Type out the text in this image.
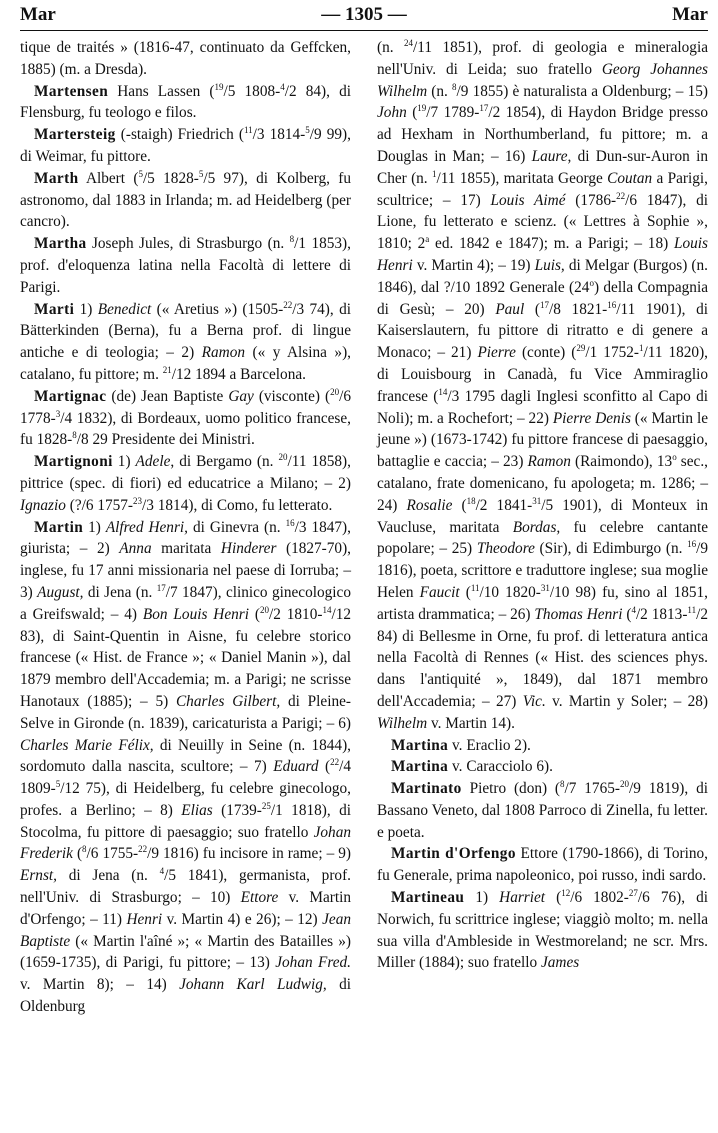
Mar	— 1305 —	Mar

tique de traités » (1816-47, continuato da Geffcken, 1885) (m. a Dresda).

Martensen Hans Lassen ($^{19}$/5 1808-$^4$/2 84), di Flensburg, fu teologo e filos.

Martersteig (-staigh) Friedrich ($^{11}$/3 1814-$^5$/9 99), di Weimar, fu pittore.

Marth Albert ($^5$/5 1828-$^5$/5 97), di Kolberg, fu astronomo, dal 1883 in Irlanda; m. ad Heidelberg (per cancro).

Martha Joseph Jules, di Strasburgo (n. $^8$/1 1853), prof. d'eloquenza latina nella Facoltà di lettere di Parigi.

Marti 1) Benedict (« Aretius ») (1505-$^{22}$/3 74), di Bätterkinden (Berna), fu a Berna prof. di lingue antiche e di teologia; – 2) Ramon (« y Alsina »), catalano, fu pittore; m. $^{21}$/12 1894 a Barcelona.

Martignac (de) Jean Baptiste Gay (visconte) ($^{20}$/6 1778-$^3$/4 1832), di Bordeaux, uomo politico francese, fu 1828-$^8$/8 29 Presidente dei Ministri.

Martignoni 1) Adele, di Bergamo (n. $^{20}$/11 1858), pittrice (spec. di fiori) ed educatrice a Milano; – 2) Ignazio (?/6 1757-$^{23}$/3 1814), di Como, fu letterato.

Martin 1) Alfred Henri, di Ginevra (n. $^{16}$/3 1847), giurista; – 2) Anna maritata Hinderer (1827-70), inglese, fu 17 anni missionaria nel paese di Iorruba; – 3) August, di Jena (n. $^{17}$/7 1847), clinico ginecologico a Greifswald; – 4) Bon Louis Henri ($^{20}$/2 1810-$^{14}$/12 83), di Saint-Quentin in Aisne, fu celebre storico francese (« Hist. de France »; « Daniel Manin »), dal 1879 membro dell'Accademia; m. a Parigi; ne scrisse Hanotaux (1885); – 5) Charles Gilbert, di Pleine-Selve in Gironde (n. 1839), caricaturista a Parigi; – 6) Charles Marie Félix, di Neuilly in Seine (n. 1844), sordomuto dalla nascita, scultore; – 7) Eduard ($^{22}$/4 1809-$^5$/12 75), di Heidelberg, fu celebre ginecologo, profes. a Berlino; – 8) Elias (1739-$^{25}$/1 1818), di Stocolma, fu pittore di paesaggio; suo fratello Johan Frederik ($^8$/6 1755-$^{22}$/9 1816) fu incisore in rame; – 9) Ernst, di Jena (n. $^4$/5 1841), germanista, prof. nell'Univ. di Strasburgo; – 10) Ettore v. Martin d'Orfengo; – 11) Henri v. Martin 4) e 26); – 12) Jean Baptiste (« Martin l'aîné »; « Martin des Batailles ») (1659-1735), di Parigi, fu pittore; – 13) Johan Fred. v. Martin 8); – 14) Johann Karl Ludwig, di Oldenburg

(n. $^{24}$/11 1851), prof. di geologia e mineralogia nell'Univ. di Leida; suo fratello Georg Johannes Wilhelm (n. $^8$/9 1855) è naturalista a Oldenburg; – 15) John ($^{19}$/7 1789-$^{17}$/2 1854), di Haydon Bridge presso ad Hexham in Northumberland, fu pittore; m. a Douglas in Man; – 16) Laure, di Dun-sur-Auron in Cher (n. $^1$/11 1855), maritata George Coutan a Parigi, scultrice; – 17) Louis Aimé (1786-$^{22}$/6 1847), di Lione, fu letterato e scienz. (« Lettres à Sophie », 1810; 2$^a$ ed. 1842 e 1847); m. a Parigi; – 18) Louis Henri v. Martin 4); – 19) Luis, di Melgar (Burgos) (n. 1846), dal ?/10 1892 Generale (24$^o$) della Compagnia di Gesù; – 20) Paul ($^{17}$/8 1821-$^{16}$/11 1901), di Kaiserslautern, fu pittore di ritratto e di genere a Monaco; – 21) Pierre (conte) ($^{29}$/1 1752-$^1$/11 1820), di Louisbourg in Canadà, fu Vice Ammiraglio francese ($^{14}$/3 1795 dagli Inglesi sconfitto al Capo di Noli); m. a Rochefort; – 22) Pierre Denis (« Martin le jeune ») (1673-1742) fu pittore francese di paesaggio, battaglie e caccia; – 23) Ramon (Raimondo), 13$^o$ sec., catalano, frate domenicano, fu apologeta; m. 1286; – 24) Rosalie ($^{18}$/2 1841-$^{31}$/5 1901), di Monteux in Vaucluse, maritata Bordas, fu celebre cantante popolare; – 25) Theodore (Sir), di Edimburgo (n. $^{16}$/9 1816), poeta, scrittore e traduttore inglese; sua moglie Helen Faucit ($^{11}$/10 1820-$^{31}$/10 98) fu, sino al 1851, artista drammatica; – 26) Thomas Henri ($^4$/2 1813-$^{11}$/2 84) di Bellesme in Orne, fu prof. di letteratura antica nella Facoltà di Rennes (« Hist. des sciences phys. dans l'antiquité », 1849), dal 1871 membro dell'Accademia; – 27) Vic. v. Martin y Soler; – 28) Wilhelm v. Martin 14).

Martina v. Eraclio 2).

Martina v. Caracciolo 6).

Martinato Pietro (don) ($^8$/7 1765-$^{20}$/9 1819), di Bassano Veneto, dal 1808 Parroco di Zinella, fu letter. e poeta.

Martin d'Orfengo Ettore (1790-1866), di Torino, fu Generale, prima napoleonico, poi russo, indi sardo.

Martineau 1) Harriet ($^{12}$/6 1802-$^{27}$/6 76), di Norwich, fu scrittrice inglese; viaggiò molto; m. nella sua villa d'Ambleside in Westmoreland; ne scr. Mrs. Miller (1884); suo fratello James
